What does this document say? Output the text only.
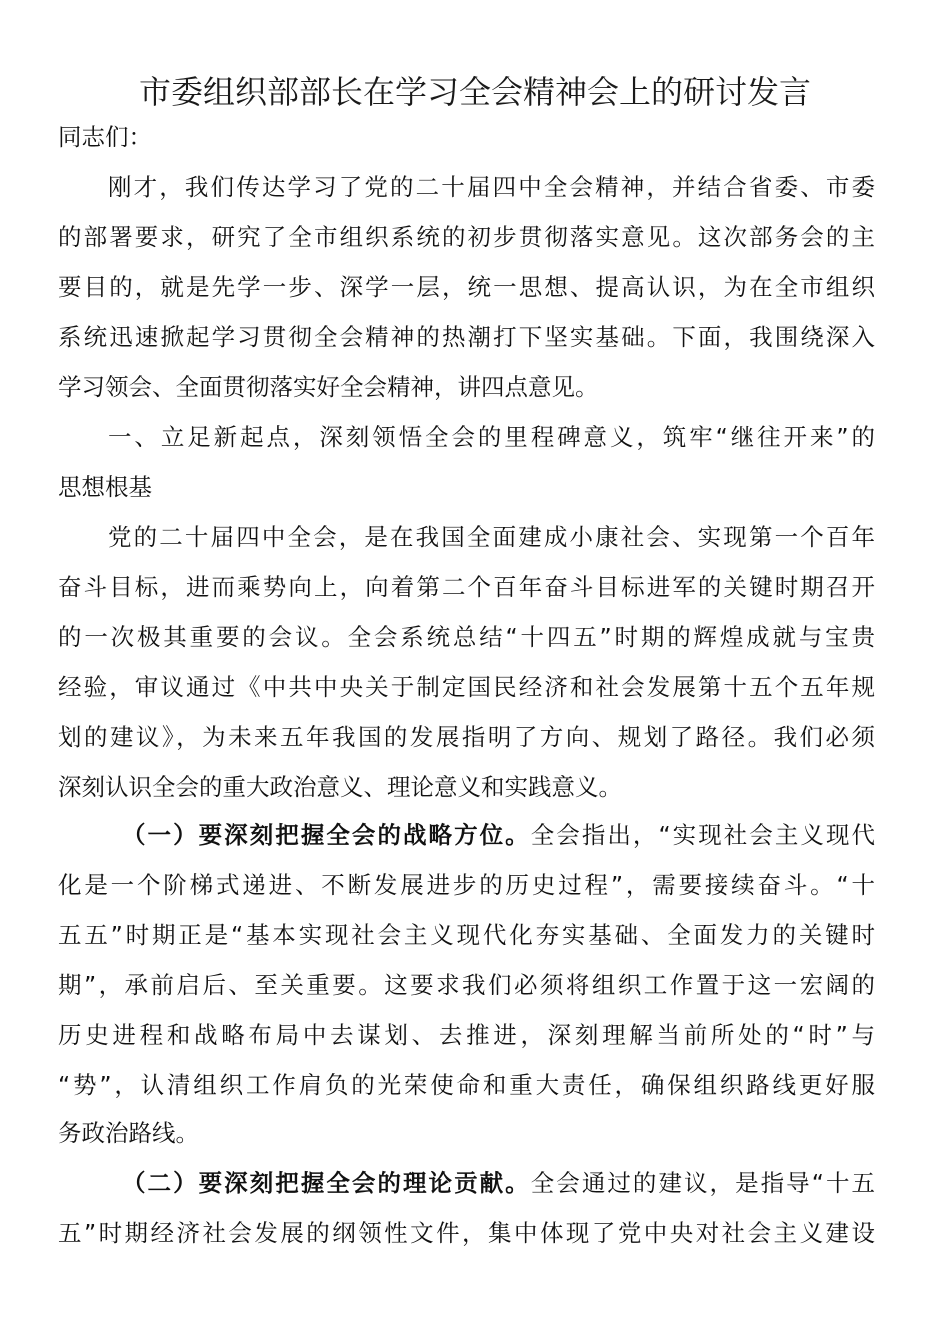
市委组织部部长在学习全会精神会上的研讨发言
同志们：
刚才，我们传达学习了党的二十届四中全会精神，并结合省委、市委
的部署要求，研究了全市组织系统的初步贯彻落实意见。这次部务会的主
要目的，就是先学一步、深学一层，统一思想、提高认识，为在全市组织
系统迅速掀起学习贯彻全会精神的热潮打下坚实基础。下面，我围绕深入
学习领会、全面贯彻落实好全会精神，讲四点意见。
一、立足新起点，深刻领悟全会的里程碑意义，筑牢“继往开来”的
思想根基
党的二十届四中全会，是在我国全面建成小康社会、实现第一个百年
奋斗目标，进而乘势向上，向着第二个百年奋斗目标进军的关键时期召开
的一次极其重要的会议。全会系统总结“十四五”时期的辉煌成就与宝贵
经验，审议通过《中共中央关于制定国民经济和社会发展第十五个五年规
划的建议》，为未来五年我国的发展指明了方向、规划了路径。我们必须
深刻认识全会的重大政治意义、理论意义和实践意义。
（一）要深刻把握全会的战略方位。全会指出，“实现社会主义现代
化是一个阶梯式递进、不断发展进步的历史过程”，需要接续奋斗。“十
五五”时期正是“基本实现社会主义现代化夯实基础、全面发力的关键时
期”，承前启后、至关重要。这要求我们必须将组织工作置于这一宏阔的
历史进程和战略布局中去谋划、去推进，深刻理解当前所处的“时”与
“势”，认清组织工作肩负的光荣使命和重大责任，确保组织路线更好服
务政治路线。
（二）要深刻把握全会的理论贡献。全会通过的建议，是指导“十五
五”时期经济社会发展的纲领性文件，集中体现了党中央对社会主义建设
